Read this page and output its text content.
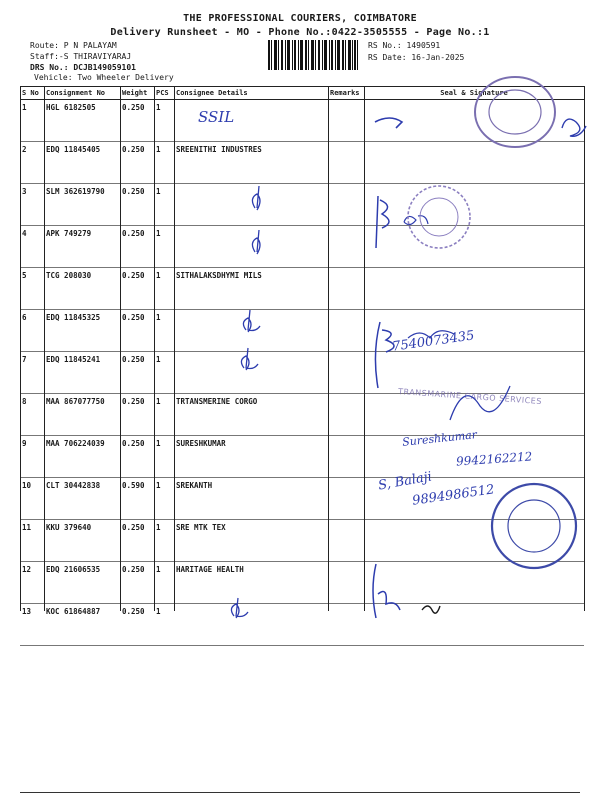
THE PROFESSIONAL COURIERS, COIMBATORE
Delivery Runsheet - MO - Phone No.:0422-3505555 - Page No.:1
Route: P N PALAYAM
Staff:-S THIRAVIYARAJ
DRS No.: DCJB149059101
Vehicle: Two Wheeler Delivery
RS No.: 1490591
RS Date: 16-Jan-2025
S No	Consignment No	Weight	PCS	Consignee Details	Remarks	Seal & Signature
1	HGL 6182505	0.250	1			
2	EDQ 11845405	0.250	1	SREENITHI INDUSTRES		
3	SLM 362619790	0.250	1			
4	APK 749279	0.250	1			
5	TCG 208030	0.250	1	SITHALAKSDHYMI MILS		
6	EDQ 11845325	0.250	1			
7	EDQ 11845241	0.250	1			
8	MAA 867077750	0.250	1	TRTANSMERINE CORGO		
9	MAA 706224039	0.250	1	SURESHKUMAR		
10	CLT 30442838	0.590	1	SREKANTH		
11	KKU 379640	0.250	1	SRE MTK TEX		
12	EDQ 21606535	0.250	1	HARITAGE HEALTH		
13	KOC 61864887	0.250	1			
SSIL
7540073435
TRANSMARINE CARGO SERVICES
Sureshkumar
9942162212
S, Balaji
9894986512
